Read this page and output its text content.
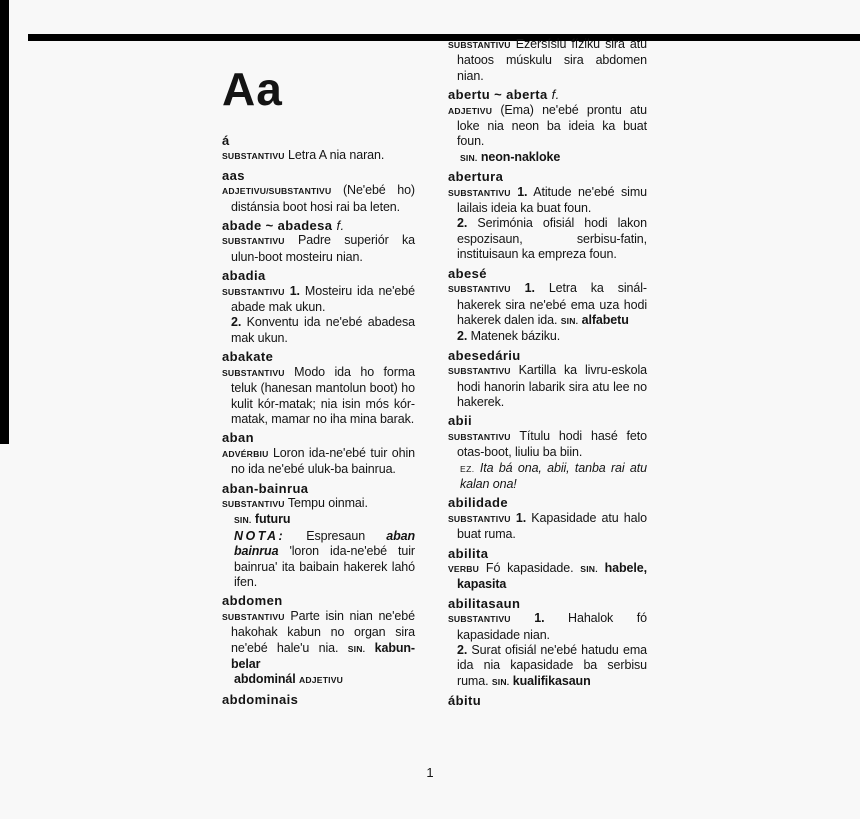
Aa
á

SUBSTANTIVU Letra A nia naran.

aas

ADJETIVU/SUBSTANTIVU (Ne'ebé ho) distánsia boot hosi rai ba leten.

abade ~ abadesa f.

SUBSTANTIVU Padre superiór ka ulun-boot mosteiru nian.

abadia

SUBSTANTIVU 1. Mosteiru ida ne'ebé abade mak ukun.

2. Konventu ida ne'ebé abadesa mak ukun.

abakate

SUBSTANTIVU Modo ida ho forma teluk (hanesan mantolun boot) ho kulit kór-matak; nia isin mós kór-matak, mamar no iha mina barak.

aban

ADVÉRBIU Loron ida-ne'ebé tuir ohin no ida ne'ebé uluk-ba bainrua.

aban-bainrua

SUBSTANTIVU Tempu oinmai.

SIN. futuru

NOTA: Espresaun aban bainrua 'loron ida-ne'ebé tuir bainrua' ita baibain hakerek lahó ifen.

abdomen

SUBSTANTIVU Parte isin nian ne'ebé hakohak kabun no organ sira ne'ebé hale'u nia. SIN. kabun-belar

abdominál ADJETIVU

abdominais

SUBSTANTIVU Ezersísiu fíziku sira atu hatoos múskulu sira abdomen nian.

abertu ~ aberta f.

ADJETIVU (Ema) ne'ebé prontu atu loke nia neon ba ideia ka buat foun.

SIN. neon-nakloke

abertura

SUBSTANTIVU 1. Atitude ne'ebé simu lailais ideia ka buat foun.

2. Serimónia ofisiál hodi lakon espozisaun, serbisu-fatin, instituisaun ka empreza foun.

abesé

SUBSTANTIVU 1. Letra ka sinál-hakerek sira ne'ebé ema uza hodi hakerek dalen ida. SIN. alfabetu

2. Matenek báziku.

abesedáriu

SUBSTANTIVU Kartilla ka livru-eskola hodi hanorin labarik sira atu lee no hakerek.

abii

SUBSTANTIVU Títulu hodi hasé feto otas-boot, liuliu ba biin.

EZ. Ita bá ona, abii, tanba rai atu kalan ona!

abilidade

SUBSTANTIVU 1. Kapasidade atu halo buat ruma.

abilita

VERBU Fó kapasidade. SIN. habele, kapasita

abilitasaun

SUBSTANTIVU 1. Hahalok fó kapasidade nian.

2. Surat ofisiál ne'ebé hatudu ema ida nia kapasidade ba serbisu ruma. SIN. kualifikasaun

ábitu
1
